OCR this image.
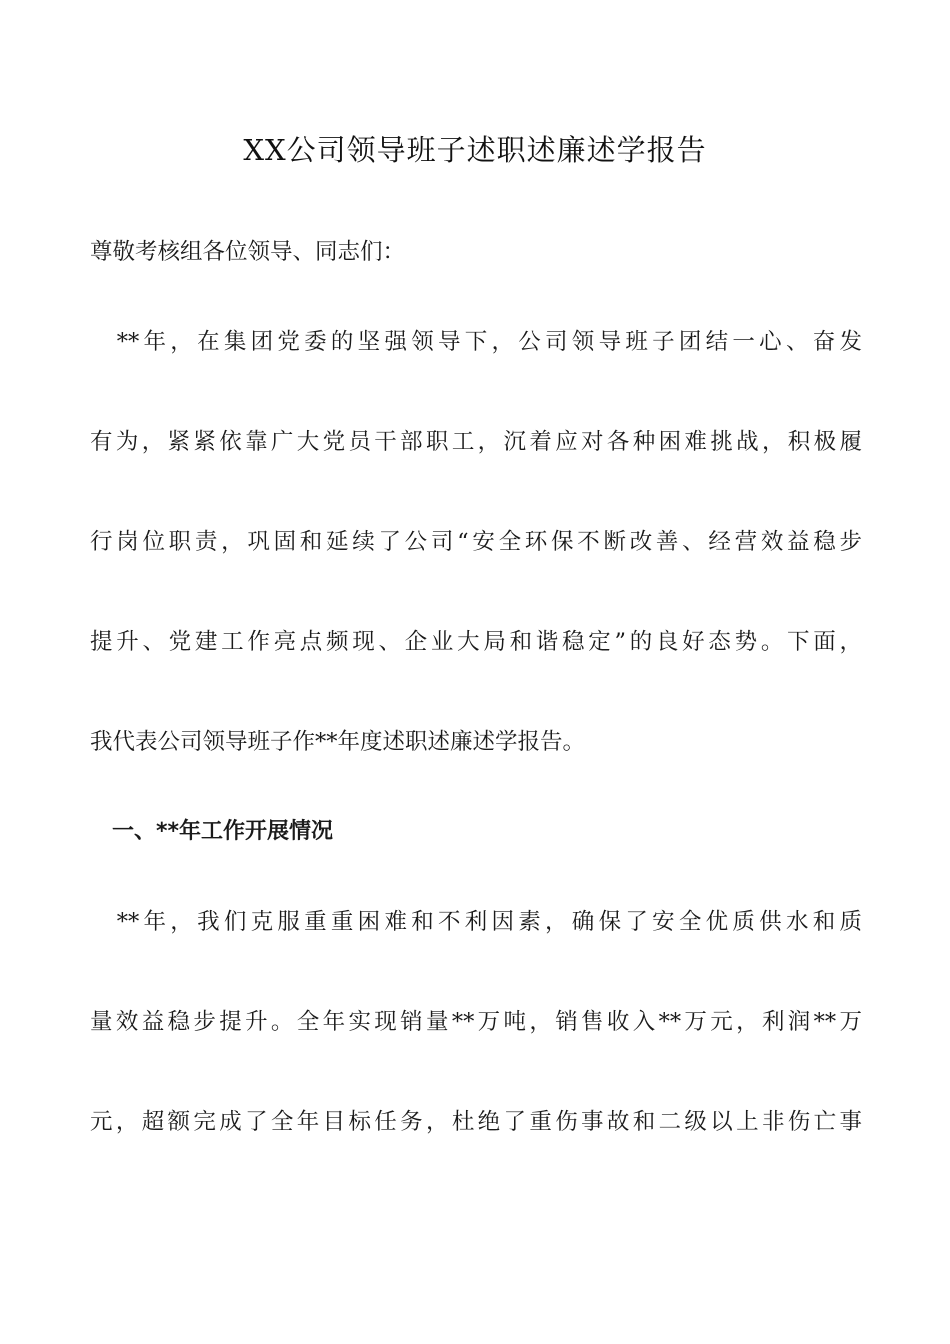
XX公司领导班子述职述廉述学报告
尊敬考核组各位领导、同志们：
　**年，在集团党委的坚强领导下，公司领导班子团结一心、奋发
有为，紧紧依靠广大党员干部职工，沉着应对各种困难挑战，积极履
行岗位职责，巩固和延续了公司“安全环保不断改善、经营效益稳步
提升、党建工作亮点频现、企业大局和谐稳定”的良好态势。下面，
我代表公司领导班子作**年度述职述廉述学报告。
　一、**年工作开展情况
　**年，我们克服重重困难和不利因素，确保了安全优质供水和质
量效益稳步提升。全年实现销量**万吨，销售收入**万元，利润**万
元，超额完成了全年目标任务，杜绝了重伤事故和二级以上非伤亡事
